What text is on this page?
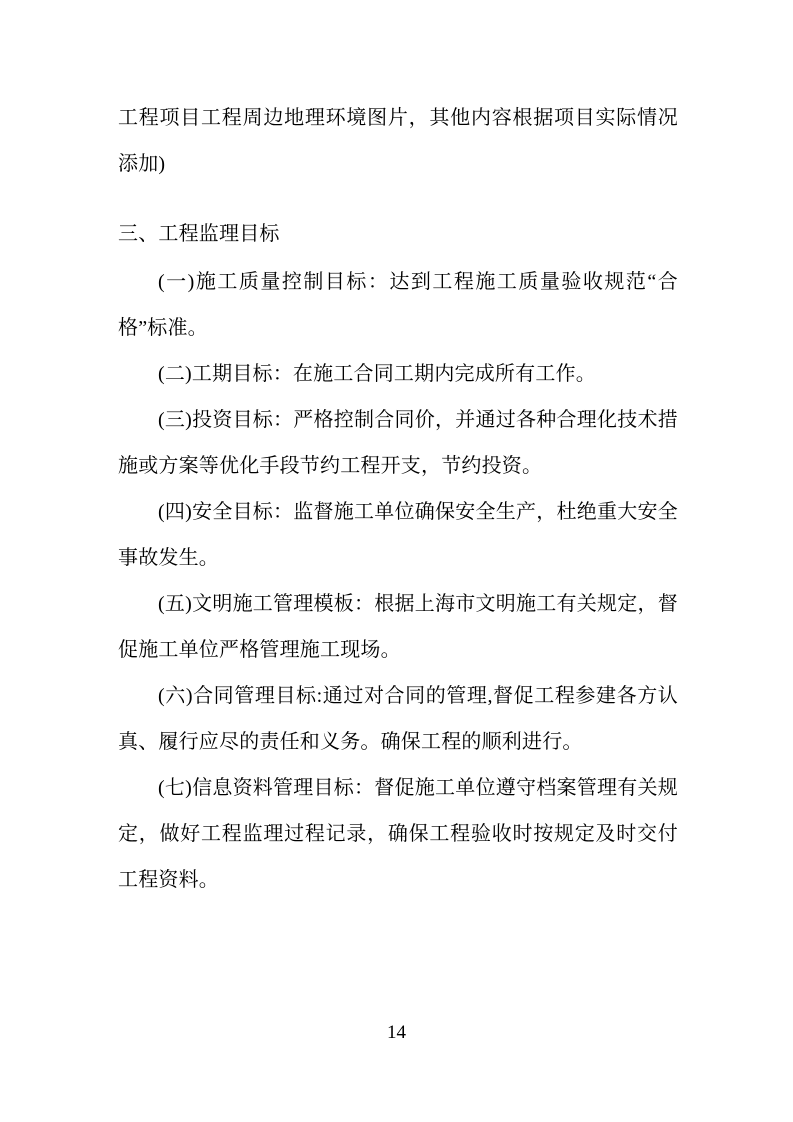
工程项目工程周边地理环境图片，其他内容根据项目实际情况添加)

三、工程监理目标

(一)施工质量控制目标：达到工程施工质量验收规范“合格”标准。

(二)工期目标：在施工合同工期内完成所有工作。

(三)投资目标：严格控制合同价，并通过各种合理化技术措施或方案等优化手段节约工程开支，节约投资。

(四)安全目标：监督施工单位确保安全生产，杜绝重大安全事故发生。

(五)文明施工管理模板：根据上海市文明施工有关规定，督促施工单位严格管理施工现场。

(六)合同管理目标:通过对合同的管理,督促工程参建各方认真、履行应尽的责任和义务。确保工程的顺利进行。

(七)信息资料管理目标：督促施工单位遵守档案管理有关规定，做好工程监理过程记录，确保工程验收时按规定及时交付工程资料。

14
